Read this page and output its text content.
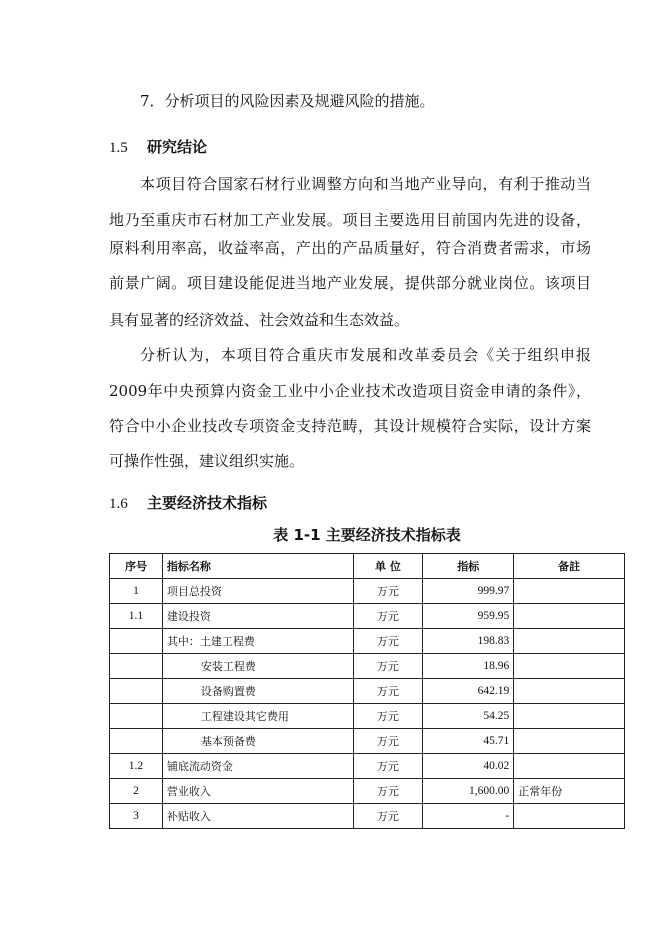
7．分析项目的风险因素及规避风险的措施。
1.5 研究结论
本项目符合国家石材行业调整方向和当地产业导向，有利于推动当
地乃至重庆市石材加工产业发展。项目主要选用目前国内先进的设备，
原料利用率高，收益率高，产出的产品质量好，符合消费者需求，市场
前景广阔。项目建设能促进当地产业发展，提供部分就业岗位。该项目
具有显著的经济效益、社会效益和生态效益。
分析认为，本项目符合重庆市发展和改革委员会《关于组织申报
2009年中央预算内资金工业中小企业技术改造项目资金申请的条件》，
符合中小企业技改专项资金支持范畴，其设计规模符合实际，设计方案
可操作性强，建议组织实施。
1.6 主要经济技术指标
表 1-1 主要经济技术指标表
序号	指标名称	单 位	指标	备註
1	项目总投资	万元	999.97	
1.1	建设投资	万元	959.95	
	其中：土建工程费	万元	198.83	
	安装工程费	万元	18.96	
	设备购置费	万元	642.19	
	工程建设其它费用	万元	54.25	
	基本预备费	万元	45.71	
1.2	铺底流动资金	万元	40.02	
2	营业收入	万元	1,600.00	正常年份
3	补贴收入	万元	-	
